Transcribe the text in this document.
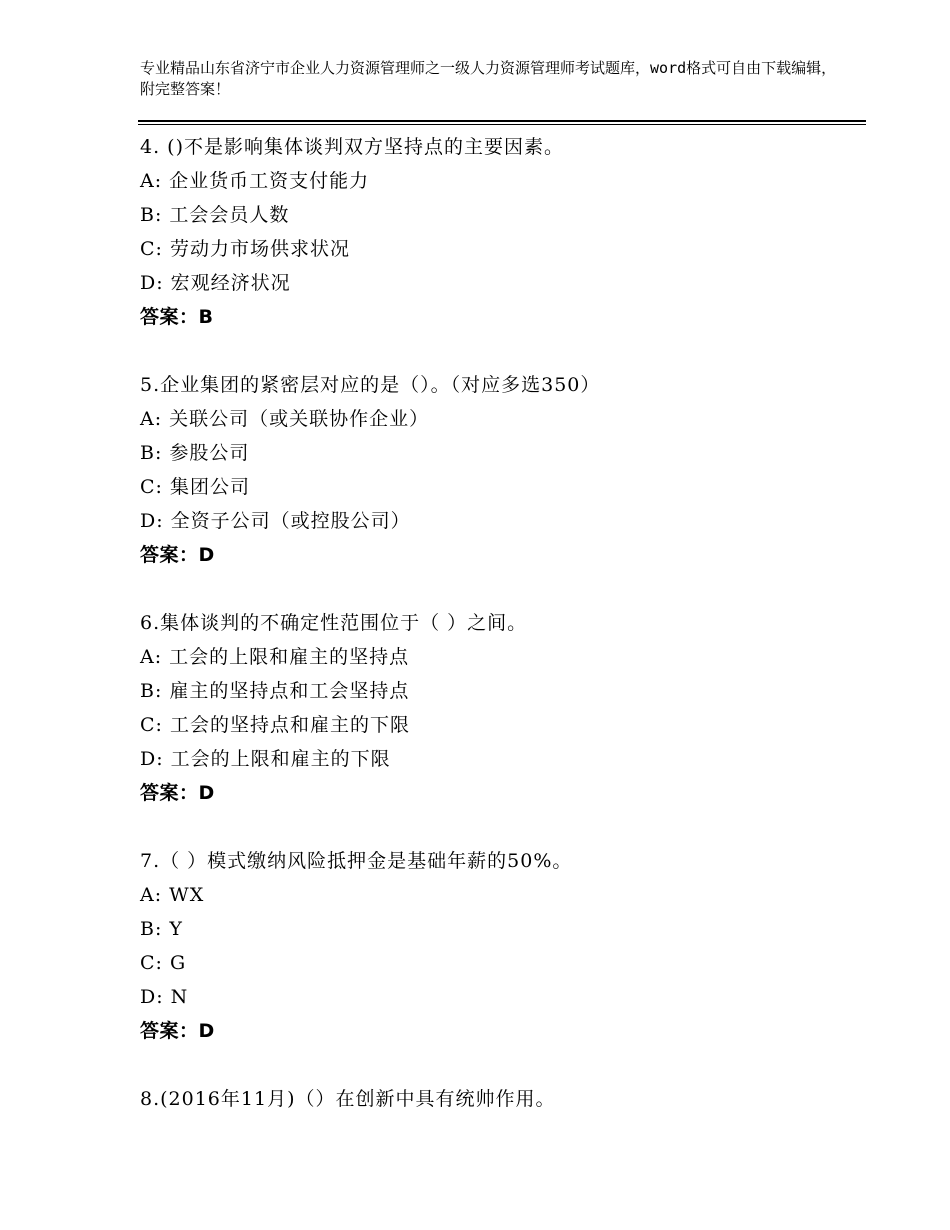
专业精品山东省济宁市企业人力资源管理师之一级人力资源管理师考试题库，word格式可自由下载编辑，附完整答案！
4. ()不是影响集体谈判双方坚持点的主要因素。
A: 企业货币工资支付能力
B: 工会会员人数
C: 劳动力市场供求状况
D: 宏观经济状况
答案：B
5.企业集团的紧密层对应的是（）。（对应多选350）
A: 关联公司（或关联协作企业）
B: 参股公司
C: 集团公司
D: 全资子公司（或控股公司）
答案：D
6.集体谈判的不确定性范围位于（ ）之间。
A: 工会的上限和雇主的坚持点
B: 雇主的坚持点和工会坚持点
C: 工会的坚持点和雇主的下限
D: 工会的上限和雇主的下限
答案：D
7.（ ）模式缴纳风险抵押金是基础年薪的50%。
A: WX
B: Y
C: G
D: N
答案：D
8.(2016年11月)（）在创新中具有统帅作用。
